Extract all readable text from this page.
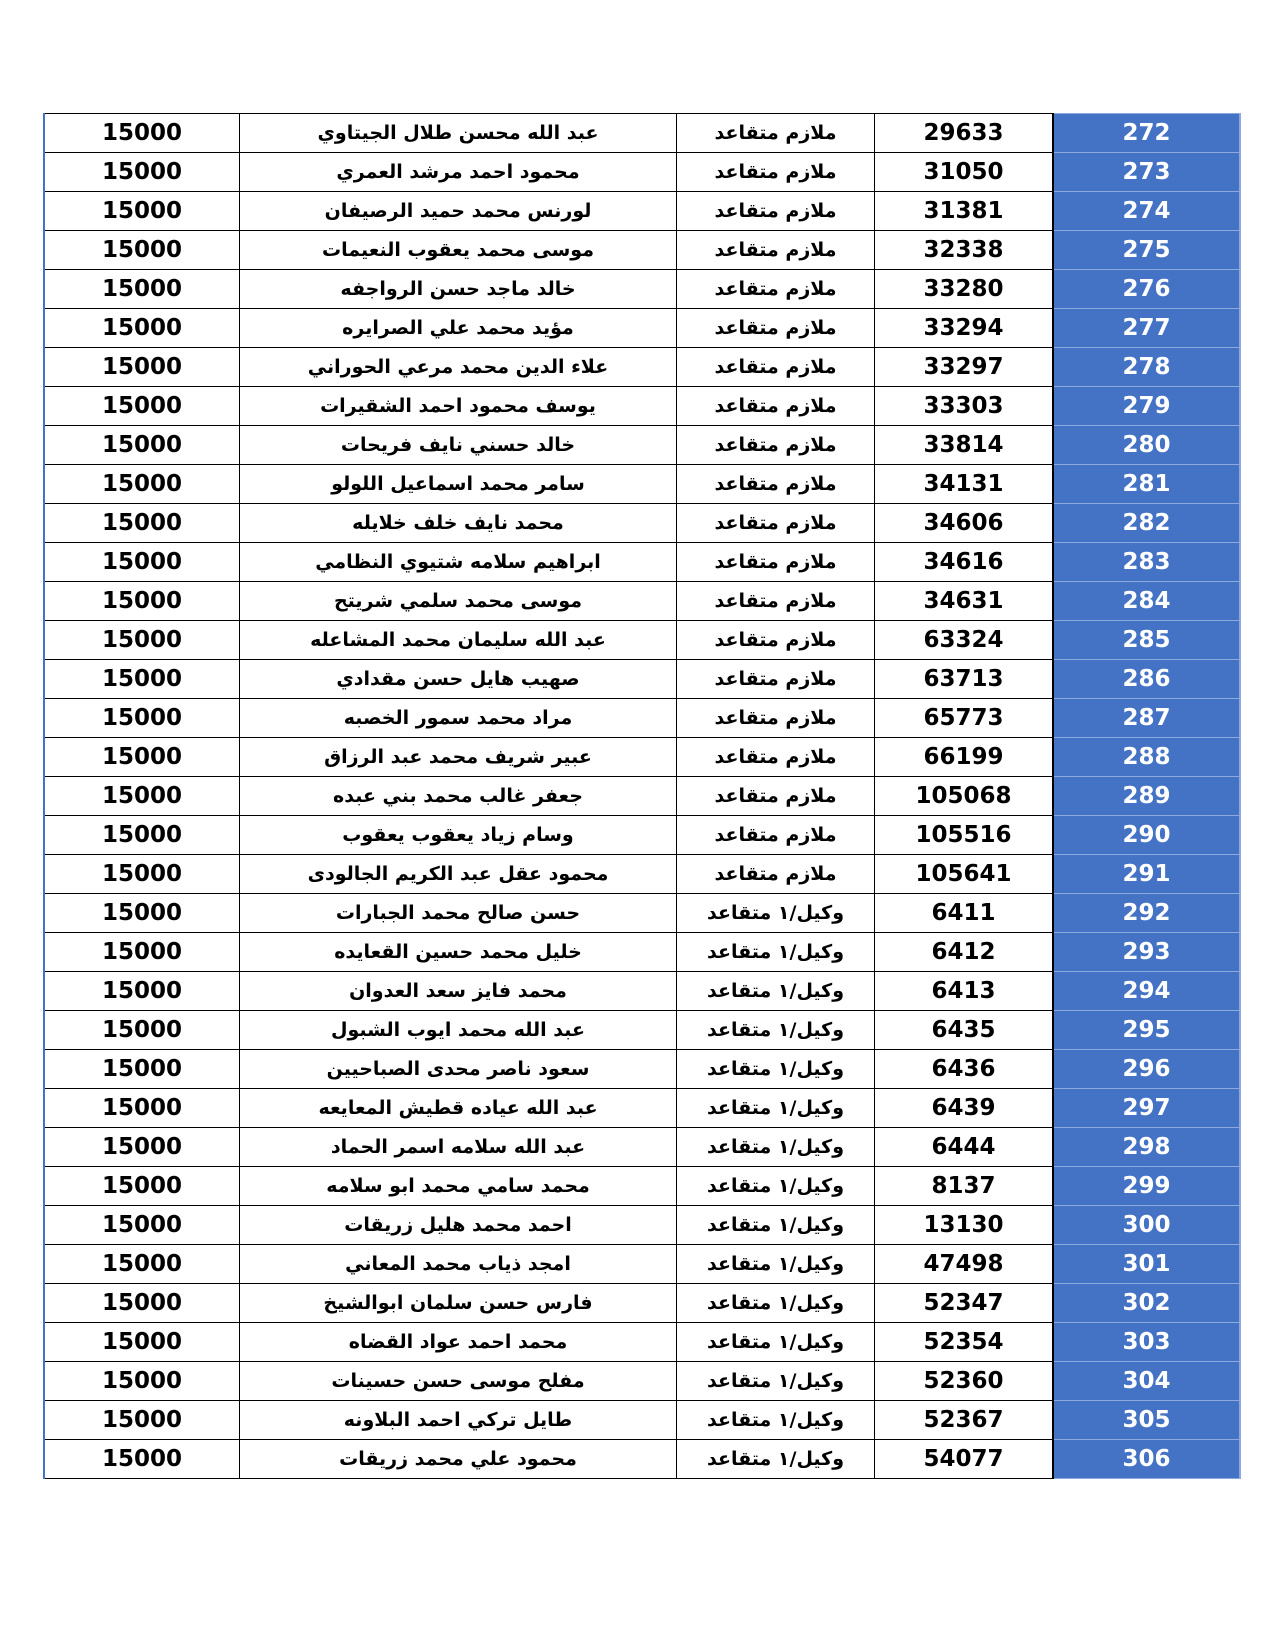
15000	عبد الله محسن طلال الجيتاوي	ملازم متقاعد	29633	272
15000	محمود احمد مرشد العمري	ملازم متقاعد	31050	273
15000	لورنس محمد حميد الرصيفان	ملازم متقاعد	31381	274
15000	موسى محمد يعقوب النعيمات	ملازم متقاعد	32338	275
15000	خالد ماجد حسن الرواجفه	ملازم متقاعد	33280	276
15000	مؤيد محمد علي الصرايره	ملازم متقاعد	33294	277
15000	علاء الدين محمد مرعي الحوراني	ملازم متقاعد	33297	278
15000	يوسف محمود احمد الشقيرات	ملازم متقاعد	33303	279
15000	خالد حسني نايف فريحات	ملازم متقاعد	33814	280
15000	سامر محمد اسماعيل اللولو	ملازم متقاعد	34131	281
15000	محمد نايف خلف خلايله	ملازم متقاعد	34606	282
15000	ابراهيم سلامه شتيوي النظامي	ملازم متقاعد	34616	283
15000	موسى محمد سلمي شريتح	ملازم متقاعد	34631	284
15000	عبد الله سليمان محمد المشاعله	ملازم متقاعد	63324	285
15000	صهيب هايل حسن مقدادي	ملازم متقاعد	63713	286
15000	مراد محمد سمور الخصبه	ملازم متقاعد	65773	287
15000	عبير شريف محمد عبد الرزاق	ملازم متقاعد	66199	288
15000	جعفر غالب محمد بني عبده	ملازم متقاعد	105068	289
15000	وسام زياد يعقوب يعقوب	ملازم متقاعد	105516	290
15000	محمود عقل عبد الكريم الجالودى	ملازم متقاعد	105641	291
15000	حسن صالح محمد الجبارات	وكيل/١ متقاعد	6411	292
15000	خليل محمد حسين القعايده	وكيل/١ متقاعد	6412	293
15000	محمد فايز سعد العدوان	وكيل/١ متقاعد	6413	294
15000	عبد الله محمد ايوب الشبول	وكيل/١ متقاعد	6435	295
15000	سعود ناصر محدى الصباحيين	وكيل/١ متقاعد	6436	296
15000	عبد الله عياده قطيش المعايعه	وكيل/١ متقاعد	6439	297
15000	عبد الله سلامه اسمر الحماد	وكيل/١ متقاعد	6444	298
15000	محمد سامي محمد ابو سلامه	وكيل/١ متقاعد	8137	299
15000	احمد محمد هليل زريقات	وكيل/١ متقاعد	13130	300
15000	امجد ذياب محمد المعاني	وكيل/١ متقاعد	47498	301
15000	فارس حسن سلمان ابوالشيخ	وكيل/١ متقاعد	52347	302
15000	محمد احمد عواد القضاه	وكيل/١ متقاعد	52354	303
15000	مفلح موسى حسن حسينات	وكيل/١ متقاعد	52360	304
15000	طايل تركي احمد البلاونه	وكيل/١ متقاعد	52367	305
15000	محمود علي محمد زريقات	وكيل/١ متقاعد	54077	306
